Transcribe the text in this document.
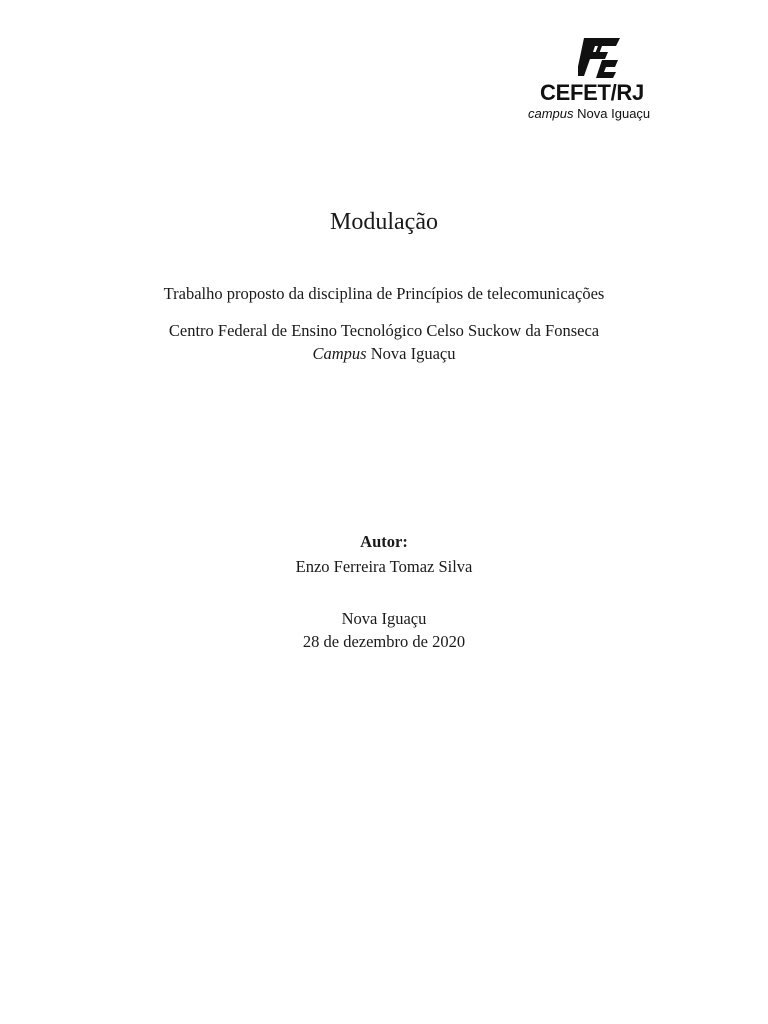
CEFET/RJ
campus Nova Iguaçu
Modulação
Trabalho proposto da disciplina de Princípios de telecomunicações
Centro Federal de Ensino Tecnológico Celso Suckow da Fonseca
Campus Nova Iguaçu
Autor:
Enzo Ferreira Tomaz Silva
Nova Iguaçu
28 de dezembro de 2020
